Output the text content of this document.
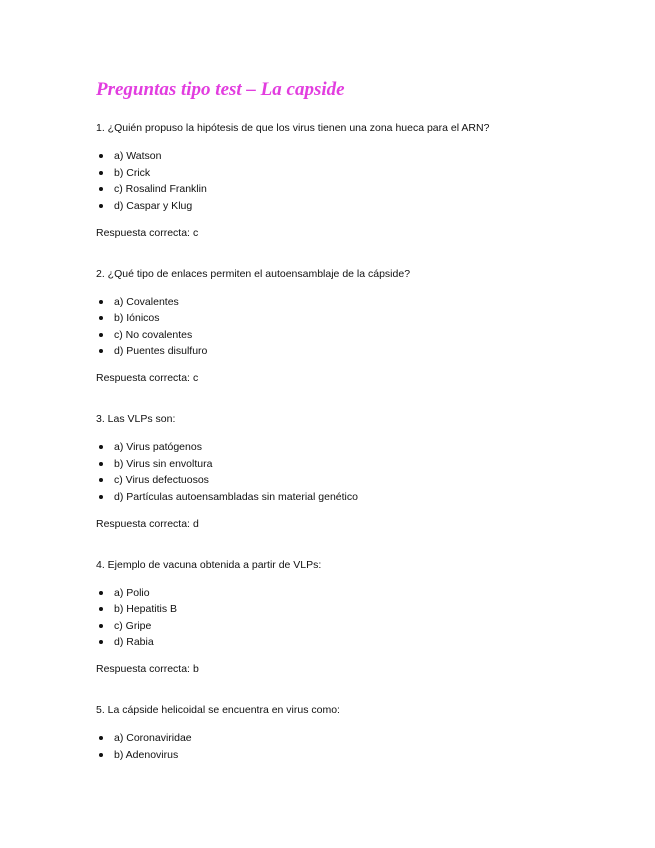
Preguntas tipo test – La capside

1. ¿Quién propuso la hipótesis de que los virus tienen una zona hueca para el ARN?

a) Watson
b) Crick
c) Rosalind Franklin
d) Caspar y Klug

Respuesta correcta: c

2. ¿Qué tipo de enlaces permiten el autoensamblaje de la cápside?

a) Covalentes
b) Iónicos
c) No covalentes
d) Puentes disulfuro

Respuesta correcta: c

3. Las VLPs son:

a) Virus patógenos
b) Virus sin envoltura
c) Virus defectuosos
d) Partículas autoensambladas sin material genético

Respuesta correcta: d

4. Ejemplo de vacuna obtenida a partir de VLPs:

a) Polio
b) Hepatitis B
c) Gripe
d) Rabia

Respuesta correcta: b

5. La cápside helicoidal se encuentra en virus como:

a) Coronaviridae
b) Adenovirus
